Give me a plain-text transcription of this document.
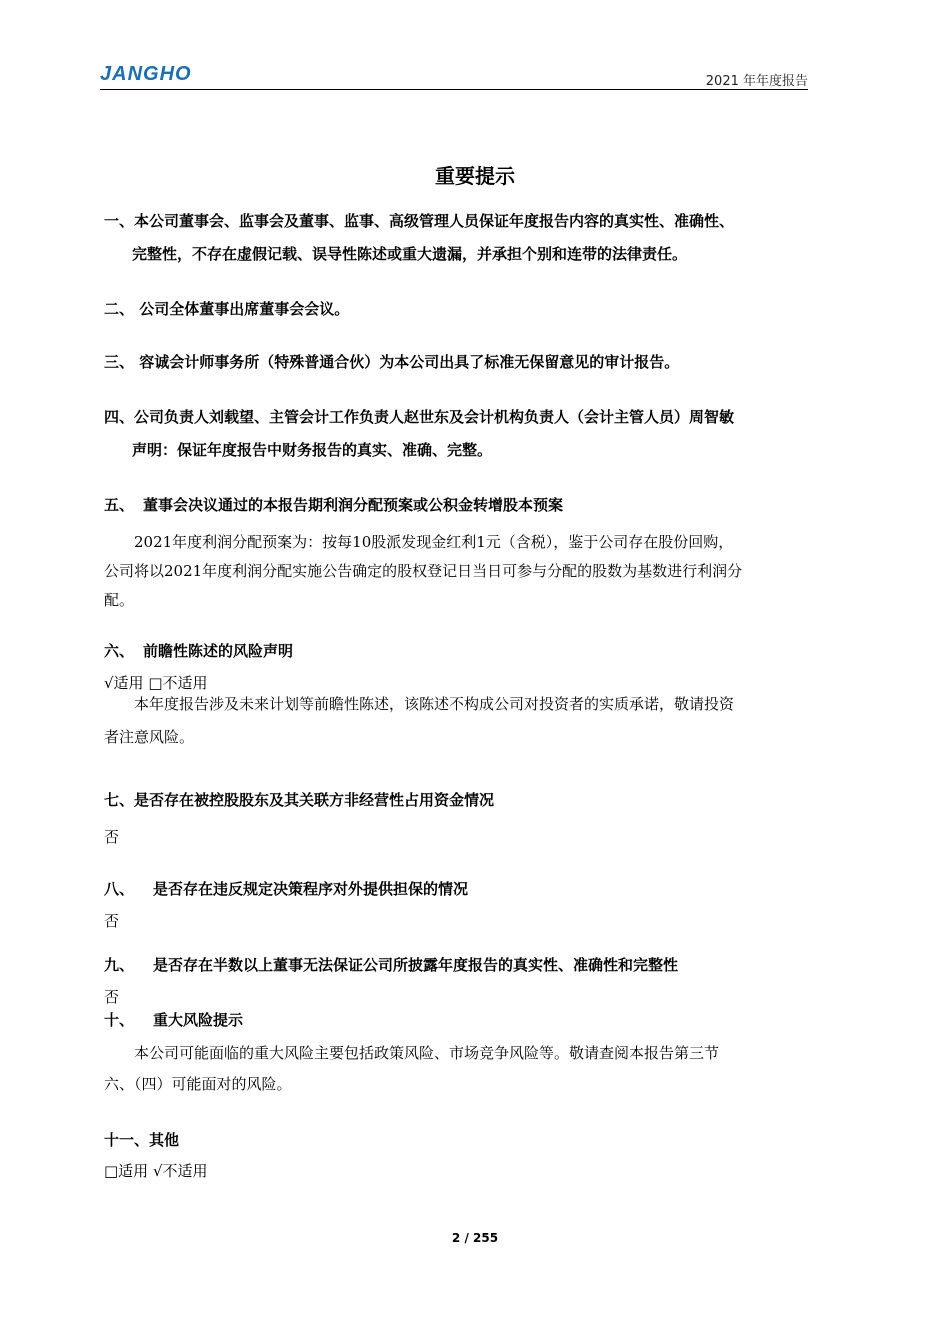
JANGHO	2021 年年度报告
重要提示
一、本公司董事会、监事会及董事、监事、高级管理人员保证年度报告内容的真实性、准确性、
完整性，不存在虚假记载、误导性陈述或重大遗漏，并承担个别和连带的法律责任。
二、 公司全体董事出席董事会会议。
三、 容诚会计师事务所（特殊普通合伙）为本公司出具了标准无保留意见的审计报告。
四、公司负责人刘载望、主管会计工作负责人赵世东及会计机构负责人（会计主管人员）周智敏
声明：保证年度报告中财务报告的真实、准确、完整。
五、 董事会决议通过的本报告期利润分配预案或公积金转增股本预案
2021年度利润分配预案为：按每10股派发现金红利1元（含税），鉴于公司存在股份回购，
公司将以2021年度利润分配实施公告确定的股权登记日当日可参与分配的股数为基数进行利润分
配。
六、 前瞻性陈述的风险声明
√适用 □不适用
本年度报告涉及未来计划等前瞻性陈述，该陈述不构成公司对投资者的实质承诺，敬请投资
者注意风险。
七、是否存在被控股股东及其关联方非经营性占用资金情况
否
八、 是否存在违反规定决策程序对外提供担保的情况
否
九、 是否存在半数以上董事无法保证公司所披露年度报告的真实性、准确性和完整性
否
十、 重大风险提示
本公司可能面临的重大风险主要包括政策风险、市场竞争风险等。敬请查阅本报告第三节
六、（四）可能面对的风险。
十一、其他
□适用 √不适用
2 / 255
